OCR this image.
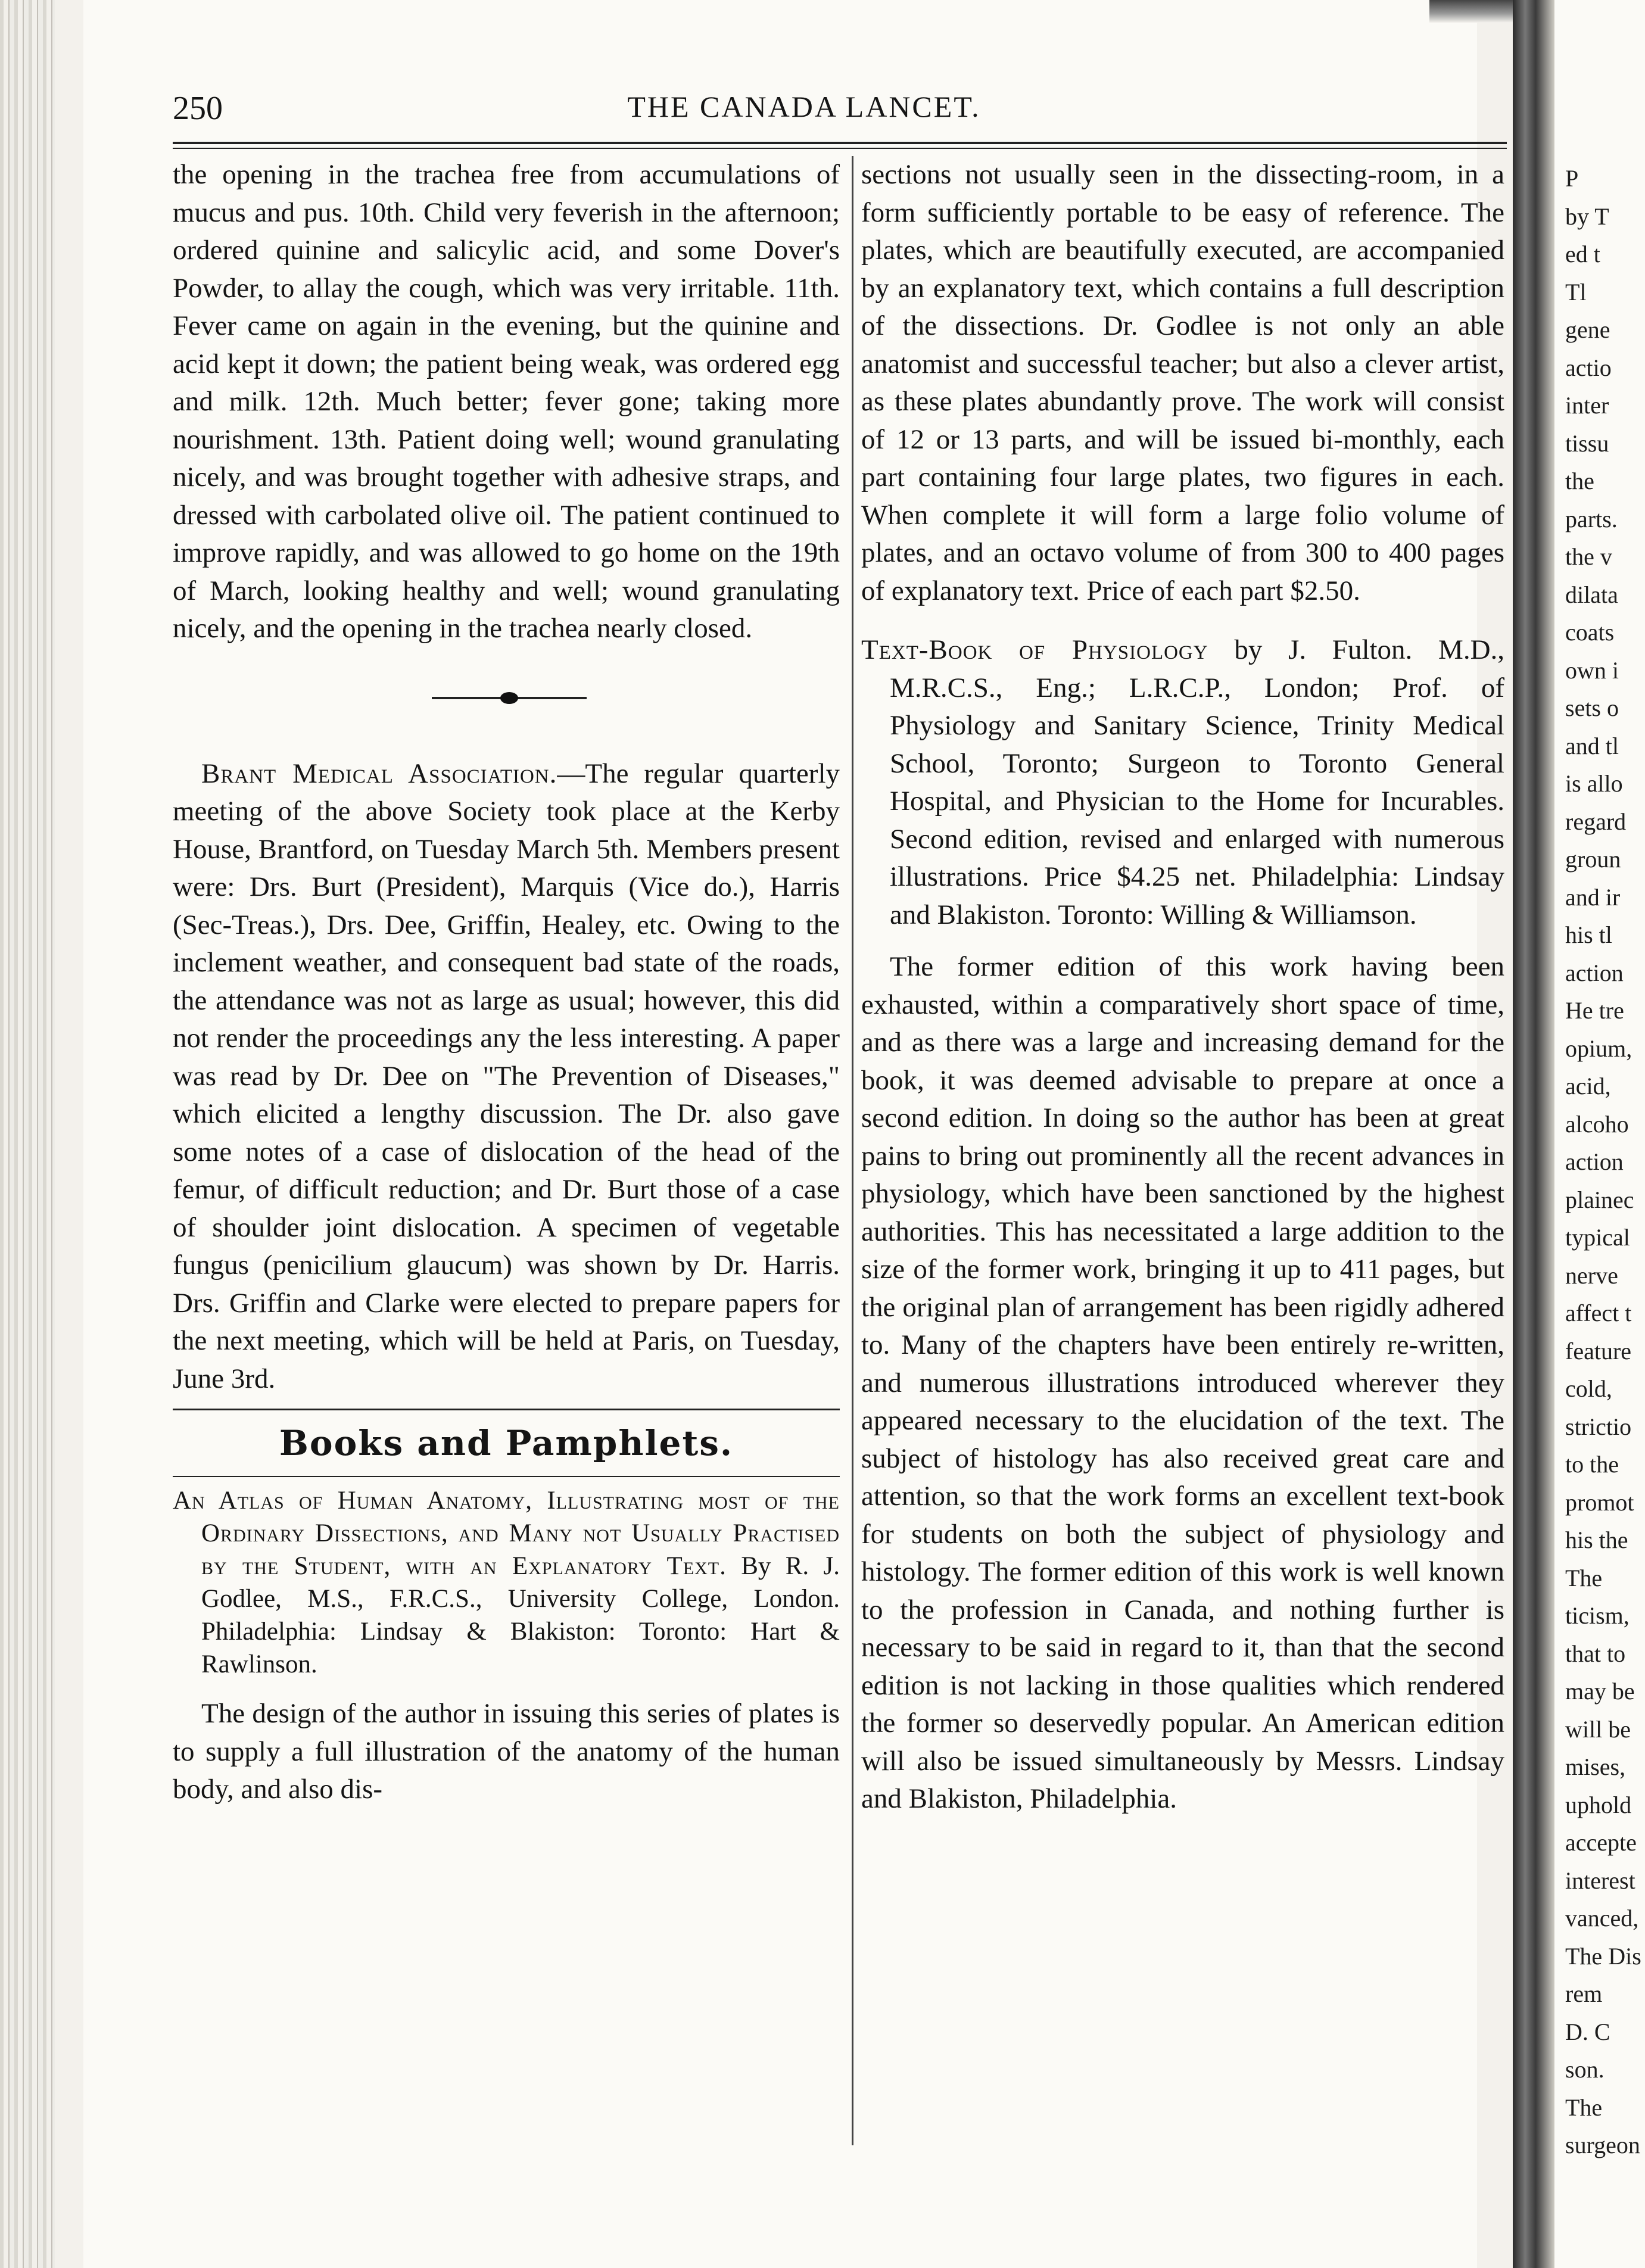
P
by T
ed t
Tl
gene
actio
inter
tissu
the
parts.
the v
dilata
coats
own i
sets o
and tl
is allo
regard
groun
and ir
his tl
action
He tre
opium,
acid,
alcoho
action
plainec
typical
nerve
affect t
feature
cold,
strictio
to the
promot
his the
The
ticism,
that to
may be
will be
mises,
uphold
accepte
interest
vanced,
The Dis
rem
D. C
son.
The
surgeon
250	THE CANADA LANCET.

the opening in the trachea free from accumulations of mucus and pus. 10th. Child very feverish in the afternoon; ordered quinine and salicylic acid, and some Dover's Powder, to allay the cough, which was very irritable. 11th. Fever came on again in the evening, but the quinine and acid kept it down; the patient being weak, was ordered egg and milk. 12th. Much better; fever gone; taking more nourishment. 13th. Patient doing well; wound granulating nicely, and was brought together with adhesive straps, and dressed with carbolated olive oil. The patient continued to improve rapidly, and was allowed to go home on the 19th of March, looking healthy and well; wound granulating nicely, and the opening in the trachea nearly closed.

Brant Medical Association.—The regular quarterly meeting of the above Society took place at the Kerby House, Brantford, on Tuesday March 5th. Members present were: Drs. Burt (President), Marquis (Vice do.), Harris (Sec-Treas.), Drs. Dee, Griffin, Healey, etc. Owing to the inclement weather, and consequent bad state of the roads, the attendance was not as large as usual; however, this did not render the proceedings any the less interesting. A paper was read by Dr. Dee on "The Prevention of Diseases," which elicited a lengthy discussion. The Dr. also gave some notes of a case of dislocation of the head of the femur, of difficult reduction; and Dr. Burt those of a case of shoulder joint dislocation. A specimen of vegetable fungus (penicilium glaucum) was shown by Dr. Harris. Drs. Griffin and Clarke were elected to prepare papers for the next meeting, which will be held at Paris, on Tuesday, June 3rd.

Books and Pamphlets.

An Atlas of Human Anatomy, Illustrating most of the Ordinary Dissections, and Many not Usually Practised by the Student, with an Explanatory Text. By R. J. Godlee, M.S., F.R.C.S., University College, London. Philadelphia: Lindsay & Blakiston: Toronto: Hart & Rawlinson.

The design of the author in issuing this series of plates is to supply a full illustration of the anatomy of the human body, and also dis-

sections not usually seen in the dissecting-room, in a form sufficiently portable to be easy of reference. The plates, which are beautifully executed, are accompanied by an explanatory text, which contains a full description of the dissections. Dr. Godlee is not only an able anatomist and successful teacher; but also a clever artist, as these plates abundantly prove. The work will consist of 12 or 13 parts, and will be issued bi-monthly, each part containing four large plates, two figures in each. When complete it will form a large folio volume of plates, and an octavo volume of from 300 to 400 pages of explanatory text. Price of each part $2.50.

Text-Book of Physiology by J. Fulton. M.D., M.R.C.S., Eng.; L.R.C.P., London; Prof. of Physiology and Sanitary Science, Trinity Medical School, Toronto; Surgeon to Toronto General Hospital, and Physician to the Home for Incurables. Second edition, revised and enlarged with numerous illustrations. Price $4.25 net. Philadelphia: Lindsay and Blakiston. Toronto: Willing & Williamson.

The former edition of this work having been exhausted, within a comparatively short space of time, and as there was a large and increasing demand for the book, it was deemed advisable to prepare at once a second edition. In doing so the author has been at great pains to bring out prominently all the recent advances in physiology, which have been sanctioned by the highest authorities. This has necessitated a large addition to the size of the former work, bringing it up to 411 pages, but the original plan of arrangement has been rigidly adhered to. Many of the chapters have been entirely re-written, and numerous illustrations introduced wherever they appeared necessary to the elucidation of the text. The subject of histology has also received great care and attention, so that the work forms an excellent text-book for students on both the subject of physiology and histology. The former edition of this work is well known to the profession in Canada, and nothing further is necessary to be said in regard to it, than that the second edition is not lacking in those qualities which rendered the former so deservedly popular. An American edition will also be issued simultaneously by Messrs. Lindsay and Blakiston, Philadelphia.
